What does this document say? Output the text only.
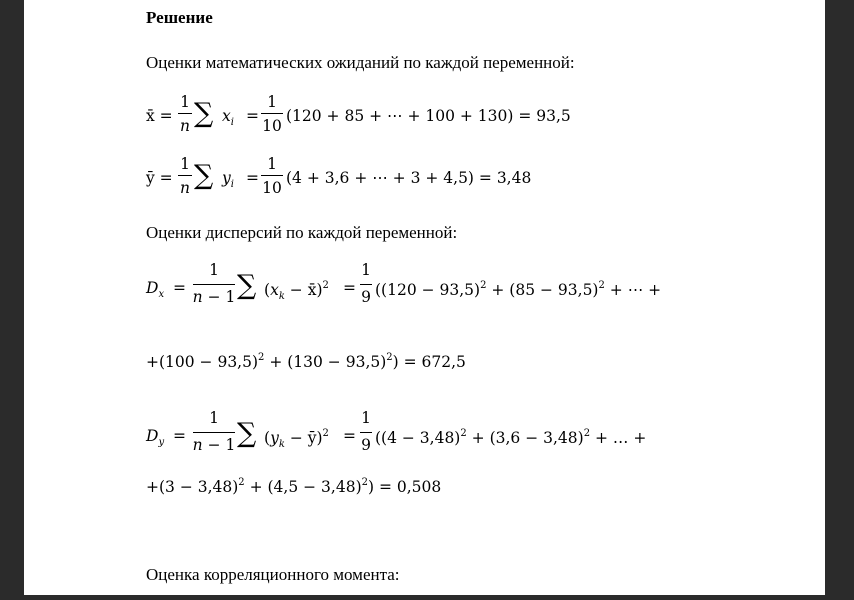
Решение
Оценки математических ожиданий по каждой переменной:
x̄ =
1
n ∑ $x_i$ =
1
10
(120 + 85 + ⋯ + 100 + 130) = 93,5
ȳ =
1
n ∑ $y_i$ =
1
10
(4 + 3,6 + ⋯ + 3 + 4,5) = 3,48
Оценки дисперсий по каждой переменной:
$D_x$ =
1
n − 1 ∑ ($x_k$ − x̄)$^2$ =
1
9 ($(120 - 93,5)^2 + (85 - 93,5)^2$ + ⋯ +
$+(100 - 93,5)^2 + (130 - 93,5)^2) = 672,5$
$D_y$ =
1
n − 1 ∑ ($y_k$ − ȳ)$^2$ =
1
9 ($(4 - 3,48)^2 + (3,6 - 3,48)^2$ + … +
$+(3 - 3,48)^2 + (4,5 - 3,48)^2) = 0,508$
Оценка корреляционного момента:
